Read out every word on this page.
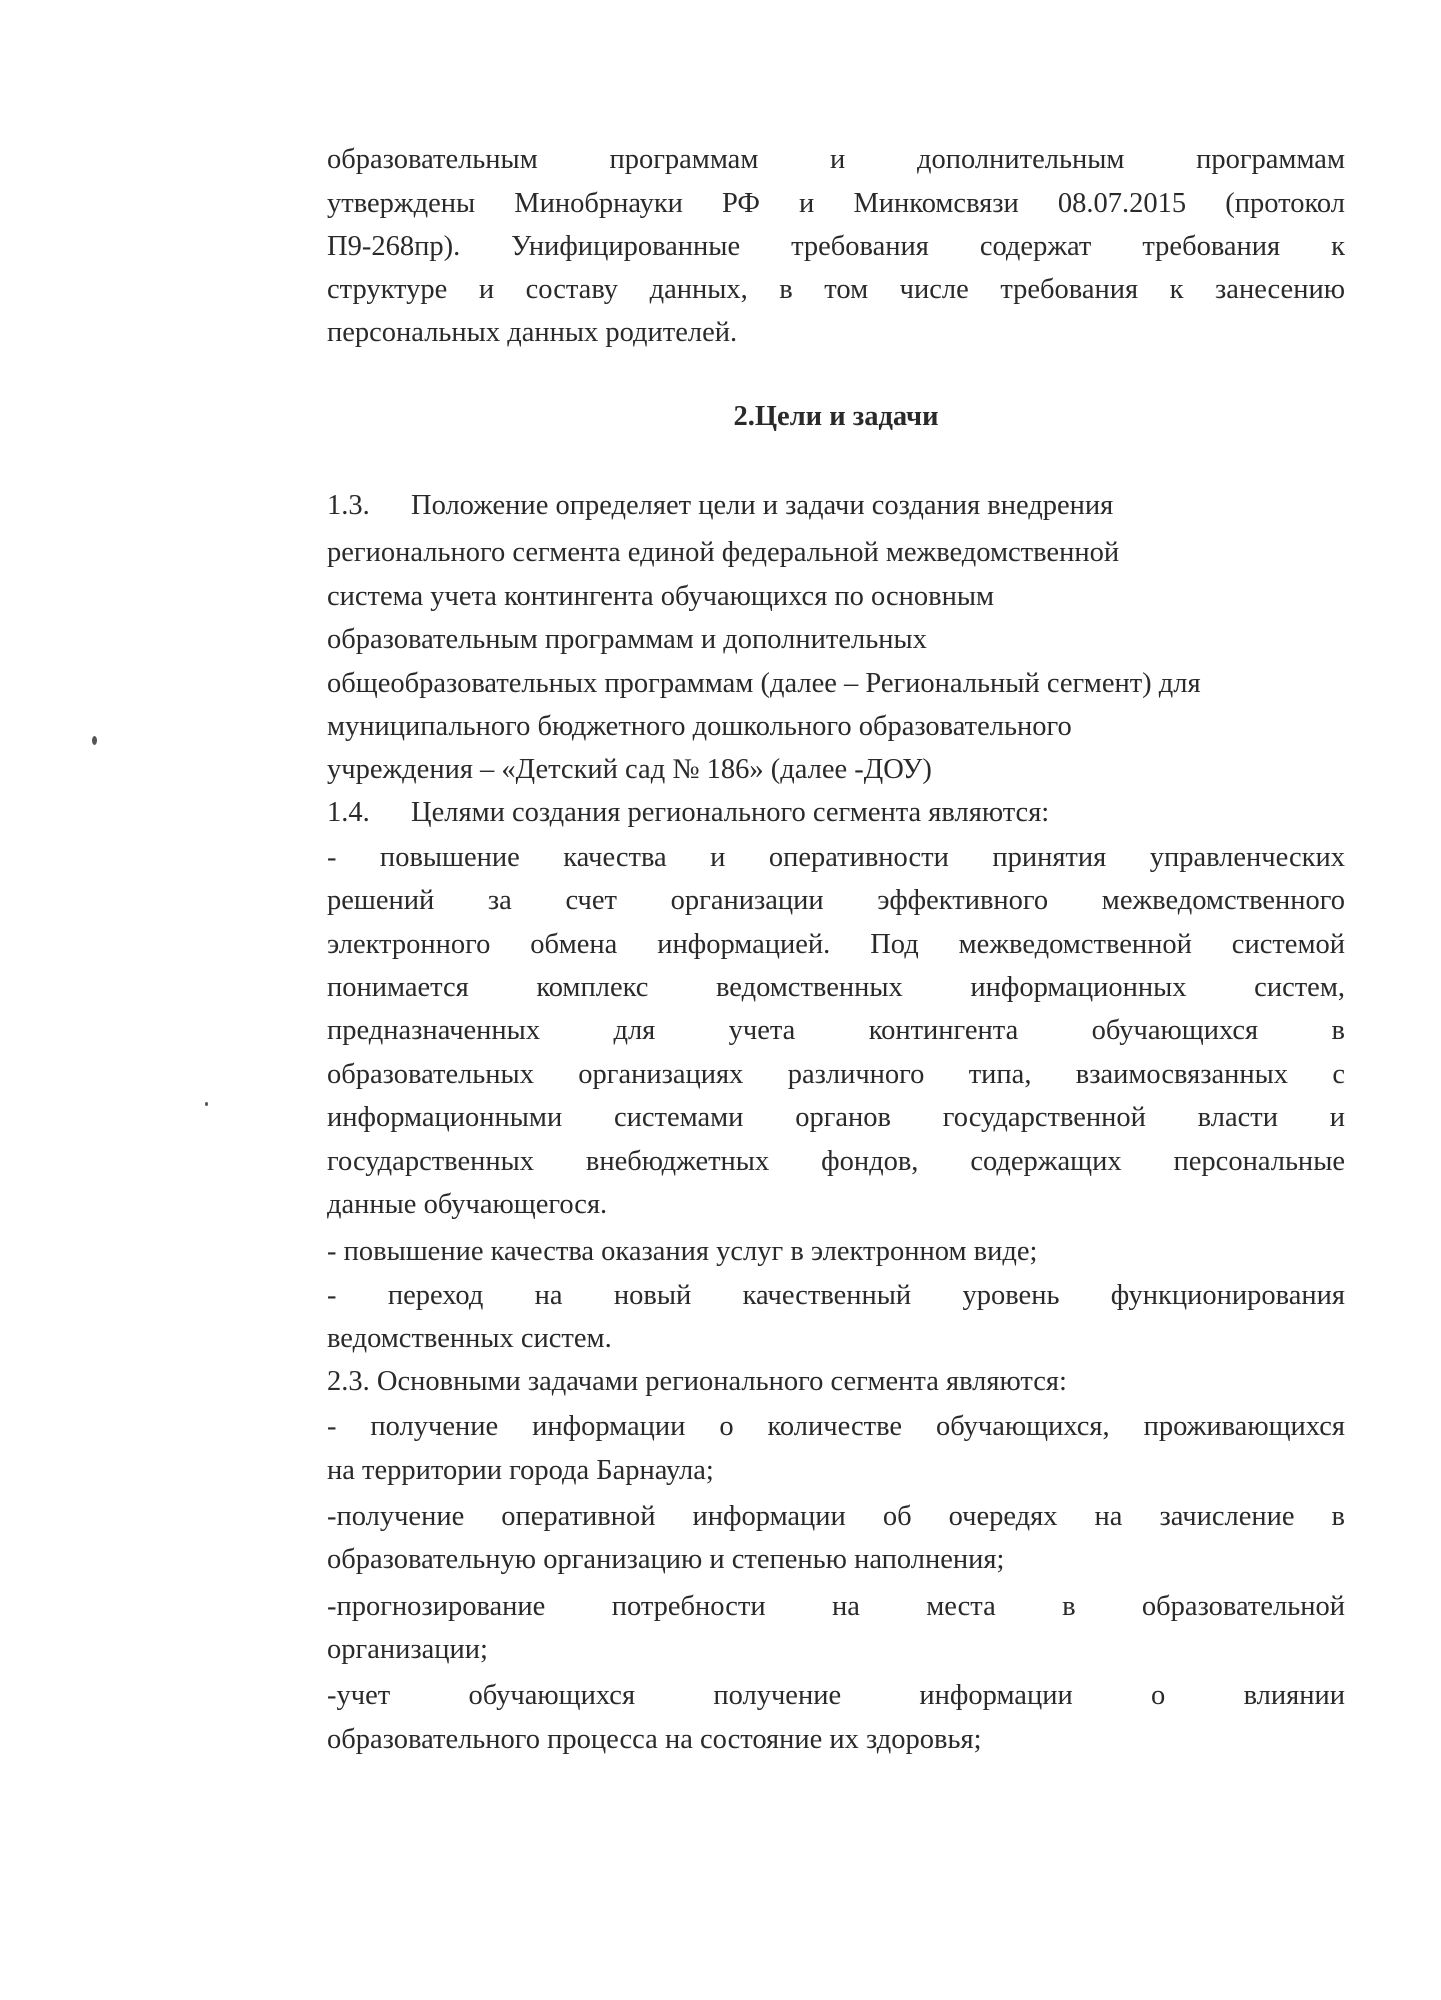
образовательным программам и дополнительным программам
утверждены Минобрнауки РФ и Минкомсвязи 08.07.2015 (протокол
П9-268пр). Унифицированные требования содержат требования к
структуре и составу данных, в том числе требования к занесению
персональных данных родителей.
2.Цели и задачи
1.3. Положение определяет цели и задачи создания внедрения
регионального сегмента единой федеральной межведомственной
система учета контингента обучающихся по основным
образовательным программам и дополнительных
общеобразовательных программам (далее – Региональный сегмент) для
муниципального бюджетного дошкольного образовательного
учреждения – «Детский сад № 186» (далее -ДОУ)
1.4. Целями создания регионального сегмента являются:
- повышение качества и оперативности принятия управленческих
решений за счет организации эффективного межведомственного
электронного обмена информацией. Под межведомственной системой
понимается комплекс ведомственных информационных систем,
предназначенных для учета контингента обучающихся в
образовательных организациях различного типа, взаимосвязанных с
информационными системами органов государственной власти и
государственных внебюджетных фондов, содержащих персональные
данные обучающегося.
- повышение качества оказания услуг в электронном виде;
- переход на новый качественный уровень функционирования
ведомственных систем.
2.3. Основными задачами регионального сегмента являются:
- получение информации о количестве обучающихся, проживающихся
на территории города Барнаула;
-получение оперативной информации об очередях на зачисление в
образовательную организацию и степенью наполнения;
-прогнозирование потребности на места в образовательной
организации;
-учет обучающихся получение информации о влиянии
образовательного процесса на состояние их здоровья;
